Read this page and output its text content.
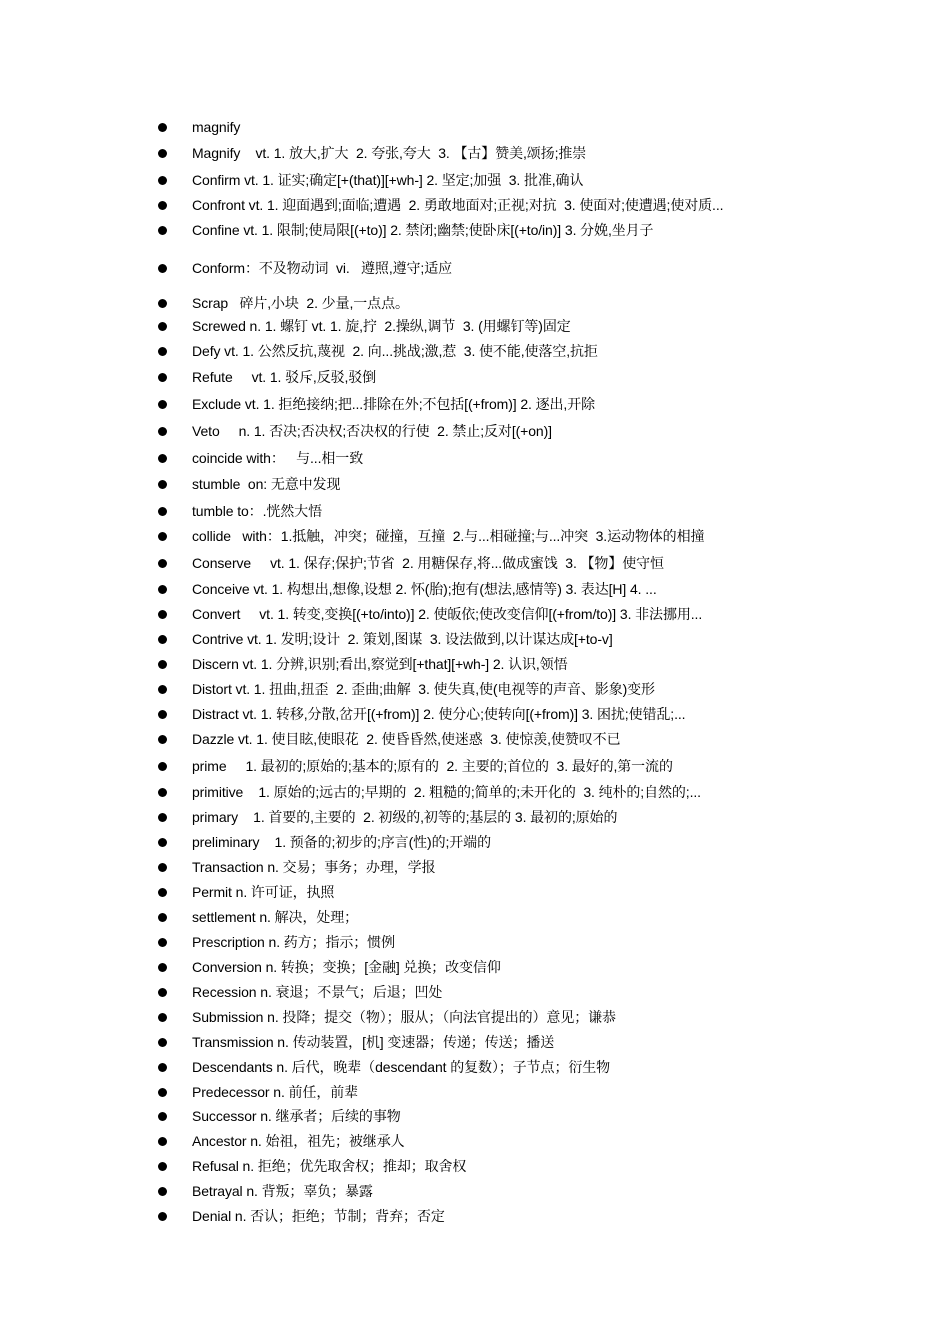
magnify
Magnify    vt. 1. 放大,扩大  2. 夸张,夸大  3. 【古】赞美,颂扬;推崇
Confirm vt. 1. 证实;确定[+(that)][+wh-] 2. 坚定;加强  3. 批准,确认
Confront vt. 1. 迎面遇到;面临;遭遇  2. 勇敢地面对;正视;对抗  3. 使面对;使遭遇;使对质...
Confine vt. 1. 限制;使局限[(+to)] 2. 禁闭;幽禁;使卧床[(+to/in)] 3. 分娩,坐月子
Conform：不及物动词  vi.   遵照,遵守;适应
Scrap   碎片,小块  2. 少量,一点点。
Screwed n. 1. 螺钉 vt. 1. 旋,拧  2.操纵,调节  3. (用螺钉等)固定
Defy vt. 1. 公然反抗,蔑视  2. 向...挑战;激,惹  3. 使不能,使落空,抗拒
Refute     vt. 1. 驳斥,反驳,驳倒
Exclude vt. 1. 拒绝接纳;把...排除在外;不包括[(+from)] 2. 逐出,开除
Veto     n. 1. 否决;否决权;否决权的行使  2. 禁止;反对[(+on)]
coincide with：   与...相一致
stumble  on: 无意中发现
tumble to：.恍然大悟
collide   with：1.抵触，冲突；碰撞，互撞  2.与...相碰撞;与...冲突  3.运动物体的相撞
Conserve     vt. 1. 保存;保护;节省  2. 用糖保存,将...做成蜜饯  3. 【物】使守恒
Conceive vt. 1. 构想出,想像,设想 2. 怀(胎);抱有(想法,感情等) 3. 表达[H] 4. ...
Convert     vt. 1. 转变,变换[(+to/into)] 2. 使皈依;使改变信仰[(+from/to)] 3. 非法挪用...
Contrive vt. 1. 发明;设计  2. 策划,图谋  3. 设法做到,以计谋达成[+to-v]
Discern vt. 1. 分辨,识别;看出,察觉到[+that][+wh-] 2. 认识,领悟
Distort vt. 1. 扭曲,扭歪  2. 歪曲;曲解  3. 使失真,使(电视等的声音、影象)变形
Distract vt. 1. 转移,分散,岔开[(+from)] 2. 使分心;使转向[(+from)] 3. 困扰;使错乱;...
Dazzle vt. 1. 使目眩,使眼花  2. 使昏昏然,使迷惑  3. 使惊羡,使赞叹不已
prime     1. 最初的;原始的;基本的;原有的  2. 主要的;首位的  3. 最好的,第一流的
primitive    1. 原始的;远古的;早期的  2. 粗糙的;简单的;未开化的  3. 纯朴的;自然的;...
primary    1. 首要的,主要的  2. 初级的,初等的;基层的 3. 最初的;原始的
preliminary    1. 预备的;初步的;序言(性)的;开端的
Transaction n. 交易；事务；办理，学报
Permit n. 许可证，执照
settlement n. 解决，处理；
Prescription n. 药方；指示；惯例
Conversion n. 转换；变换；[金融] 兑换；改变信仰
Recession n. 衰退；不景气；后退；凹处
Submission n. 投降；提交（物）；服从；（向法官提出的）意见；谦恭
Transmission n. 传动装置，[机] 变速器；传递；传送；播送
Descendants n. 后代，晚辈（descendant 的复数）；子节点；衍生物
Predecessor n. 前任，前辈
Successor n. 继承者；后续的事物
Ancestor n. 始祖，祖先；被继承人
Refusal n. 拒绝；优先取舍权；推却；取舍权
Betrayal n. 背叛；辜负；暴露
Denial n. 否认；拒绝；节制；背弃；否定
